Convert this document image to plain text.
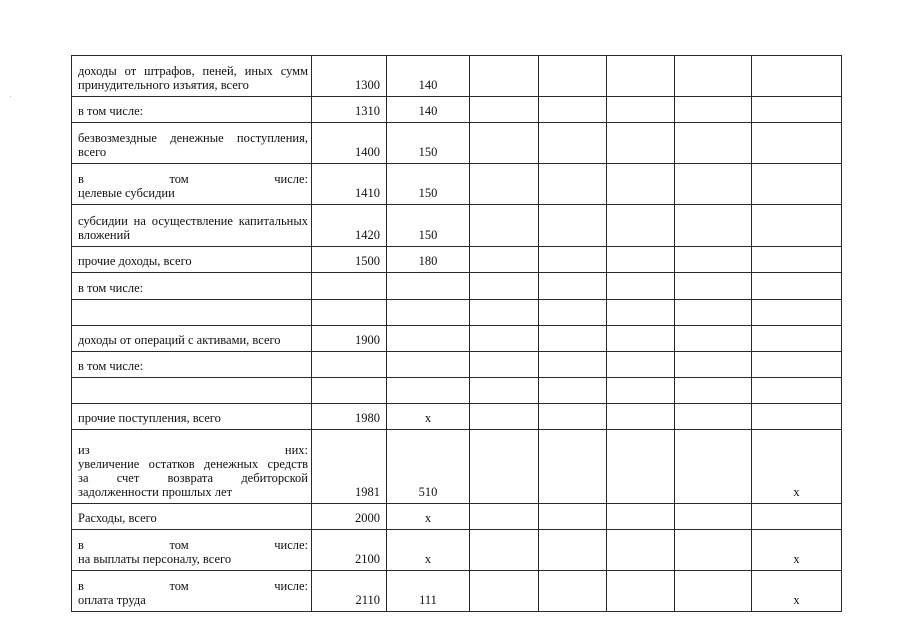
доходы от штрафов, пеней, иных сумм
принудительного изъятия, всего	1300	140					

в том числе:	1310	140					

безвозмездные денежные поступления,
всего	1400	150					

в том числе:
целевые субсидии	1410	150					

субсидии на осуществление капитальных
вложений	1420	150					

прочие доходы, всего	1500	180					

в том числе:							

доходы от операций с активами, всего	1900						

в том числе:							

прочие поступления, всего	1980	x					

из них:
увеличение остатков денежных средств
за счет возврата дебиторской
задолженности прошлых лет	1981	510					x

Расходы, всего	2000	x					

в том числе:
на выплаты персоналу, всего	2100	x					x

в том числе:
оплата труда	2110	111					x
